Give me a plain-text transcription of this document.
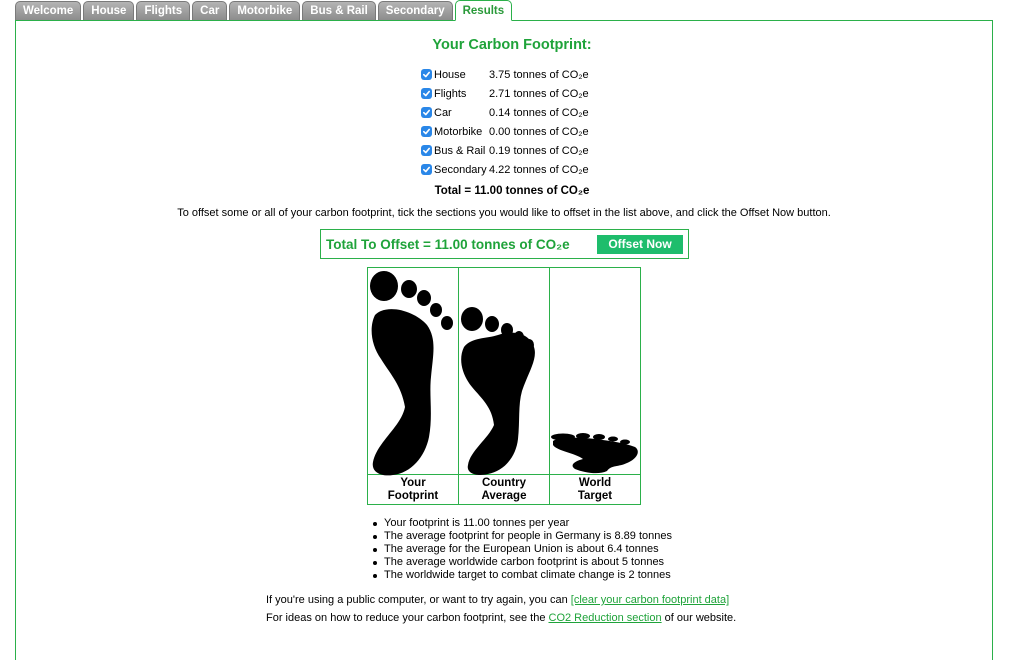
Welcome	House	Flights	Car	Motorbike	Bus & Rail	Secondary	Results
Your Carbon Footprint:
House	3.75 tonnes of CO₂e
Flights	2.71 tonnes of CO₂e
Car	0.14 tonnes of CO₂e
Motorbike 0.00 tonnes of CO₂e
Bus & Rail 0.19 tonnes of CO₂e
Secondary 4.22 tonnes of CO₂e
Total = 11.00 tonnes of CO₂e
To offset some or all of your carbon footprint, tick the sections you would like to offset in the list above, and click the Offset Now button.
Total To Offset = 11.00 tonnes of CO₂e	Offset Now
Your
Footprint
Country
Average
World
Target
Your footprint is 11.00 tonnes per year
The average footprint for people in Germany is 8.89 tonnes
The average for the European Union is about 6.4 tonnes
The average worldwide carbon footprint is about 5 tonnes
The worldwide target to combat climate change is 2 tonnes
If you're using a public computer, or want to try again, you can [clear your carbon footprint data]
For ideas on how to reduce your carbon footprint, see the CO2 Reduction section of our website.
